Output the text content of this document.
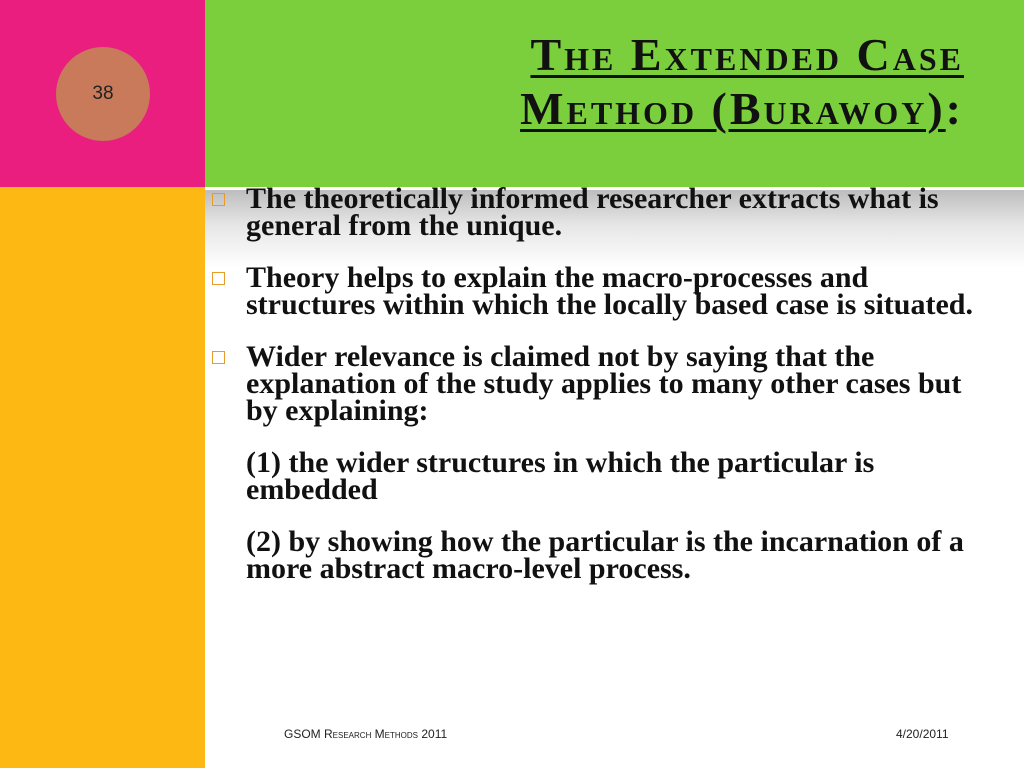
38
The Extended Case
Method (Burawoy):
The theoretically informed researcher extracts what is general from the unique.
Theory helps to explain the macro-processes and structures within which the locally based case is situated.
Wider relevance is claimed not by saying that the explanation of the study applies to many other cases but by explaining:
(1) the wider structures in which the particular is embedded
(2) by showing how the particular is the incarnation of a more abstract macro-level process.
GSOM Research Methods 2011	4/20/2011
